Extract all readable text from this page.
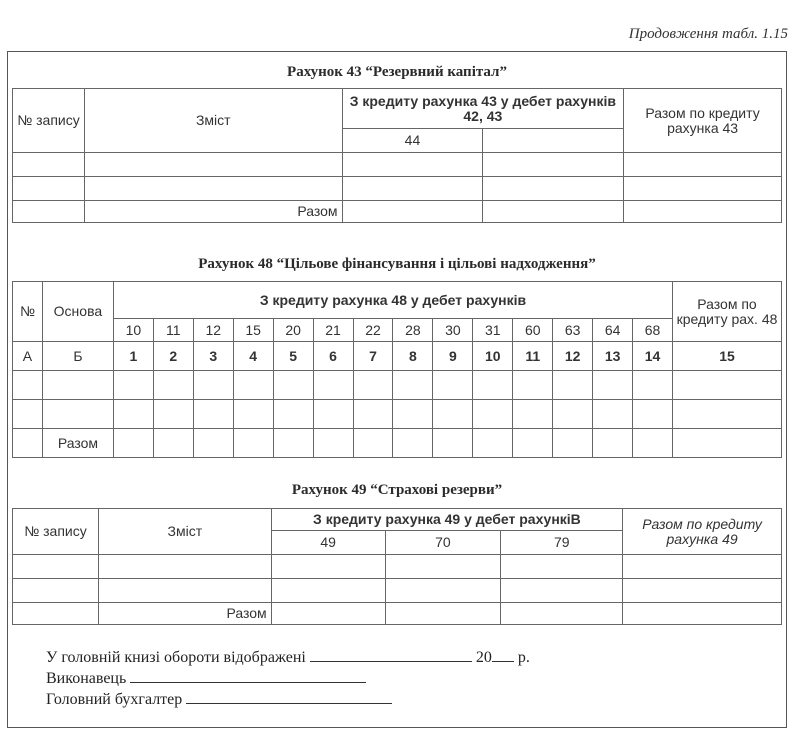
Продовження табл. 1.15
Рахунок 43 “Резервний капітал”
№ запису	Зміст	З кредиту рахунка 43 у дебет рахунків 42, 43		Разом по кредиту рахунка 43
		44		

	Разом			
Рахунок 48 “Цільове фінансування і цільові надходження”
№	Основа	З кредиту рахунка 48 у дебет рахунків														Разом по кредиту рах. 48
		10	11	12	15	20	21	22	28	30	31	60	63	64	68	
А	Б	1	2	3	4	5	6	7	8	9	10	11	12	13	14	15

	Разом															
Рахунок 49 “Страхові резерви”
№ запису	Зміст	З кредиту рахунка 49 у дебет рахункіВ			Разом по кредиту рахунка 49
		49	70	79	

	Разом				
У головній книзі обороти відображені	20 р.
Виконавець
Головний бухгалтер
